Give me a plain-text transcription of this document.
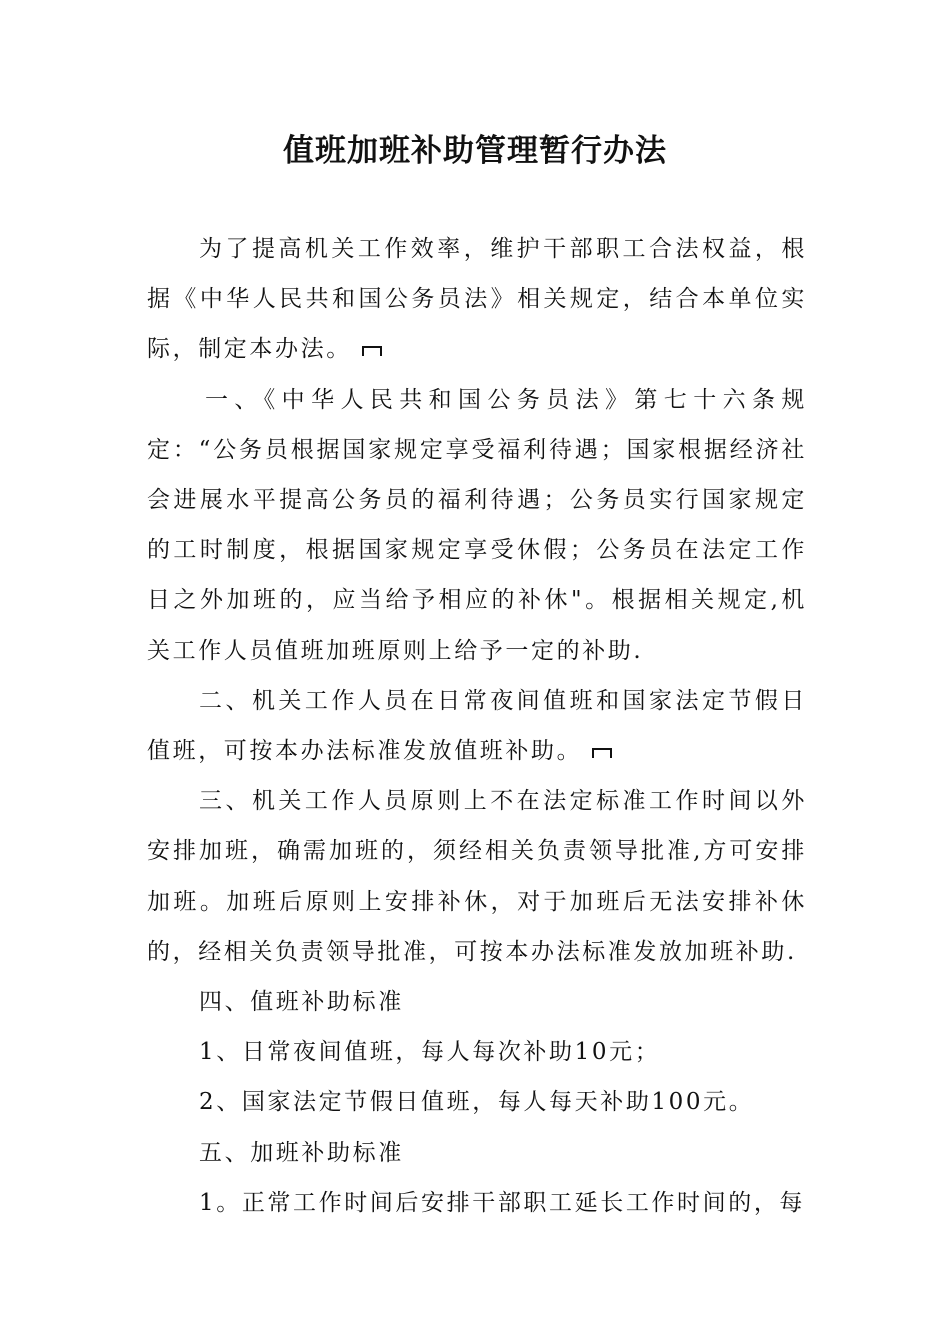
值班加班补助管理暂行办法

为了提高机关工作效率，维护干部职工合法权益，根据《中华人民共和国公务员法》相关规定，结合本单位实际，制定本办法。

一、《中华人民共和国公务员法》第七十六条规定：“公务员根据国家规定享受福利待遇；国家根据经济社会进展水平提高公务员的福利待遇；公务员实行国家规定的工时制度，根据国家规定享受休假；公务员在法定工作日之外加班的，应当给予相应的补休"。根据相关规定,机关工作人员值班加班原则上给予一定的补助.

二、机关工作人员在日常夜间值班和国家法定节假日值班，可按本办法标准发放值班补助。

三、机关工作人员原则上不在法定标准工作时间以外安排加班，确需加班的，须经相关负责领导批准,方可安排加班。加班后原则上安排补休，对于加班后无法安排补休的，经相关负责领导批准，可按本办法标准发放加班补助.

四、值班补助标准

1、日常夜间值班，每人每次补助10元；

2、国家法定节假日值班，每人每天补助100元。

五、加班补助标准

1。正常工作时间后安排干部职工延长工作时间的，每
